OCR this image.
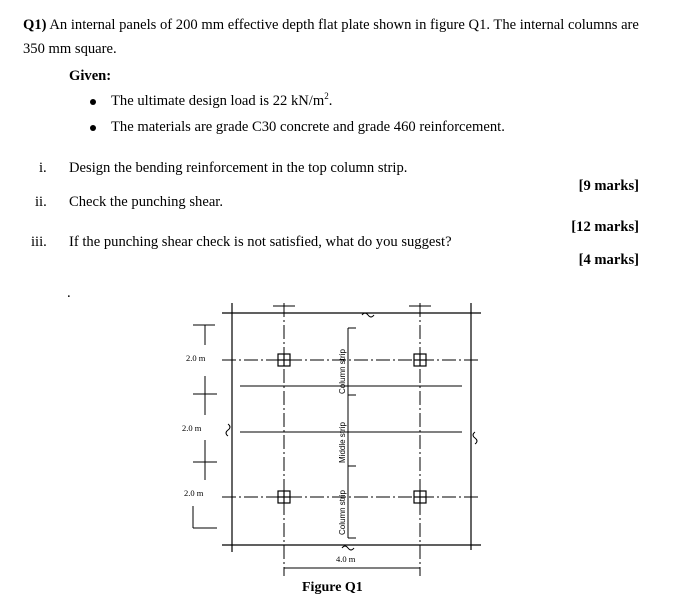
Q1) An internal panels of 200 mm effective depth flat plate shown in figure Q1. The internal columns are
350 mm square.
Given:
The ultimate design load is 22 $kN/m^2$.
The materials are grade C30 concrete and grade 460 reinforcement.
i. Design the bending reinforcement in the top column strip.
[9 marks]
ii. Check the punching shear.
[12 marks]
iii. If the punching shear check is not satisfied, what do you suggest?
[4 marks]
.
2.0 m
2.0 m
2.0 m
4.0 m
Column strip
Middle strip
Column strip
Figure Q1
